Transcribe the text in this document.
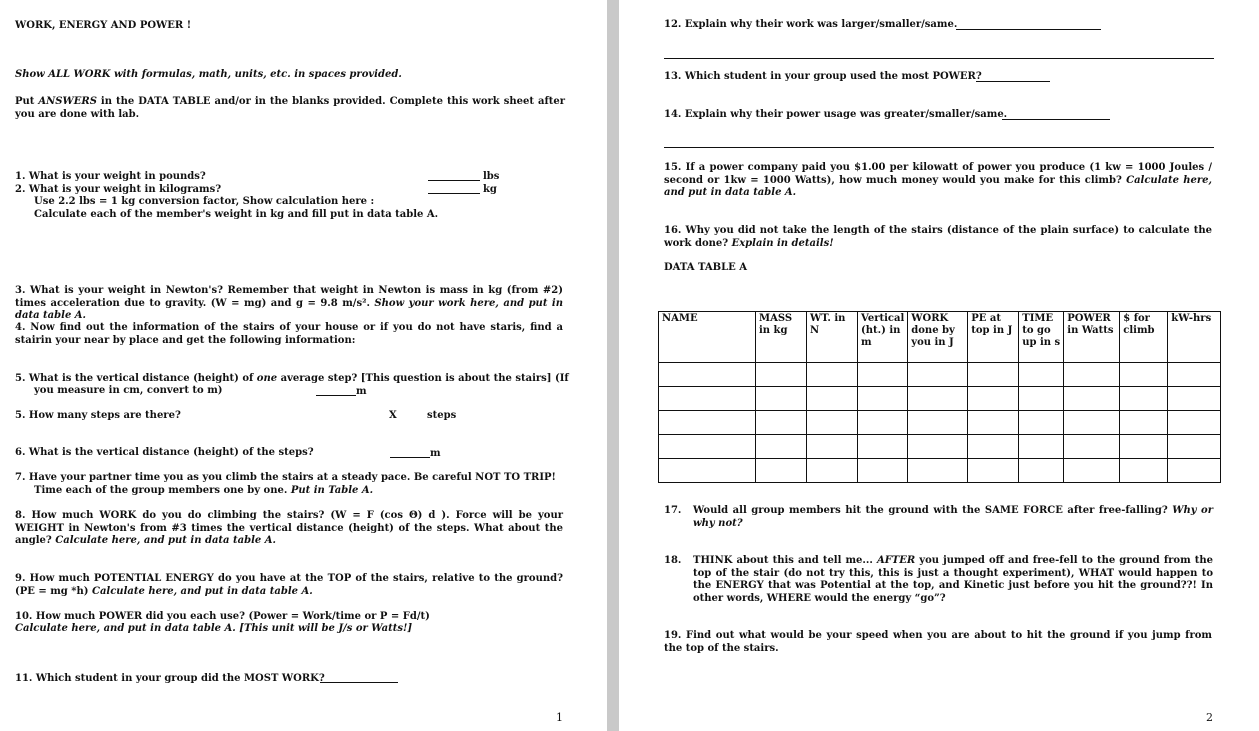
WORK, ENERGY AND POWER !

Show ALL WORK with formulas, math, units, etc. in spaces provided.

Put ANSWERS in the DATA TABLE and/or in the blanks provided. Complete this work sheet after you are done with lab.

1. What is your weight in pounds?	lbs

2. What is your weight in kilograms?	kg

Use 2.2 lbs = 1 kg conversion factor, Show calculation here :

Calculate each of the member's weight in kg and fill put in data table A.

3. What is your weight in Newton's? Remember that weight in Newton is mass in kg (from #2) times acceleration due to gravity. (W = mg) and g = 9.8 m/s². Show your work here, and put in data table A.

4. Now find out the information of the stairs of your house or if you do not have staris, find a stairin your near by place and get the following information:

5. What is the vertical distance (height) of one average step? [This question is about the stairs] (If

you measure in cm, convert to m)	m

5. How many steps are there?	X	steps

6. What is the vertical distance (height) of the steps?	m

7. Have your partner time you as you climb the stairs at a steady pace. Be careful NOT TO TRIP!

Time each of the group members one by one. Put in Table A.

8. How much WORK do you do climbing the stairs? (W = F (cos Θ) d ). Force will be your WEIGHT in Newton's from #3 times the vertical distance (height) of the steps. What about the angle? Calculate here, and put in data table A.

9. How much POTENTIAL ENERGY do you have at the TOP of the stairs, relative to the ground? (PE = mg *h) Calculate here, and put in data table A.

10. How much POWER did you each use? (Power = Work/time or P = Fd/t)

Calculate here, and put in data table A. [This unit will be J/s or Watts!]

11. Which student in your group did the MOST WORK?

1

12. Explain why their work was larger/smaller/same.

13. Which student in your group used the most POWER?

14. Explain why their power usage was greater/smaller/same.

15. If a power company paid you $1.00 per kilowatt of power you produce (1 kw = 1000 Joules / second or 1kw = 1000 Watts), how much money would you make for this climb? Calculate here, and put in data table A.

16. Why you did not take the length of the stairs (distance of the plain surface) to calculate the work done? Explain in details!

DATA TABLE A

NAME	MASS in kg	WT. in N	Vertical (ht.) in m	WORK done by you in J	PE at top in J	TIME to go up in s	POWER in Watts	$ for climb	kW-hrs

17. Would all group members hit the ground with the SAME FORCE after free-falling? Why or why not?

18. THINK about this and tell me... AFTER you jumped off and free-fell to the ground from the top of the stair (do not try this, this is just a thought experiment), WHAT would happen to the ENERGY that was Potential at the top, and Kinetic just before you hit the ground??! In other words, WHERE would the energy “go”?

19. Find out what would be your speed when you are about to hit the ground if you jump from the top of the stairs.

2
